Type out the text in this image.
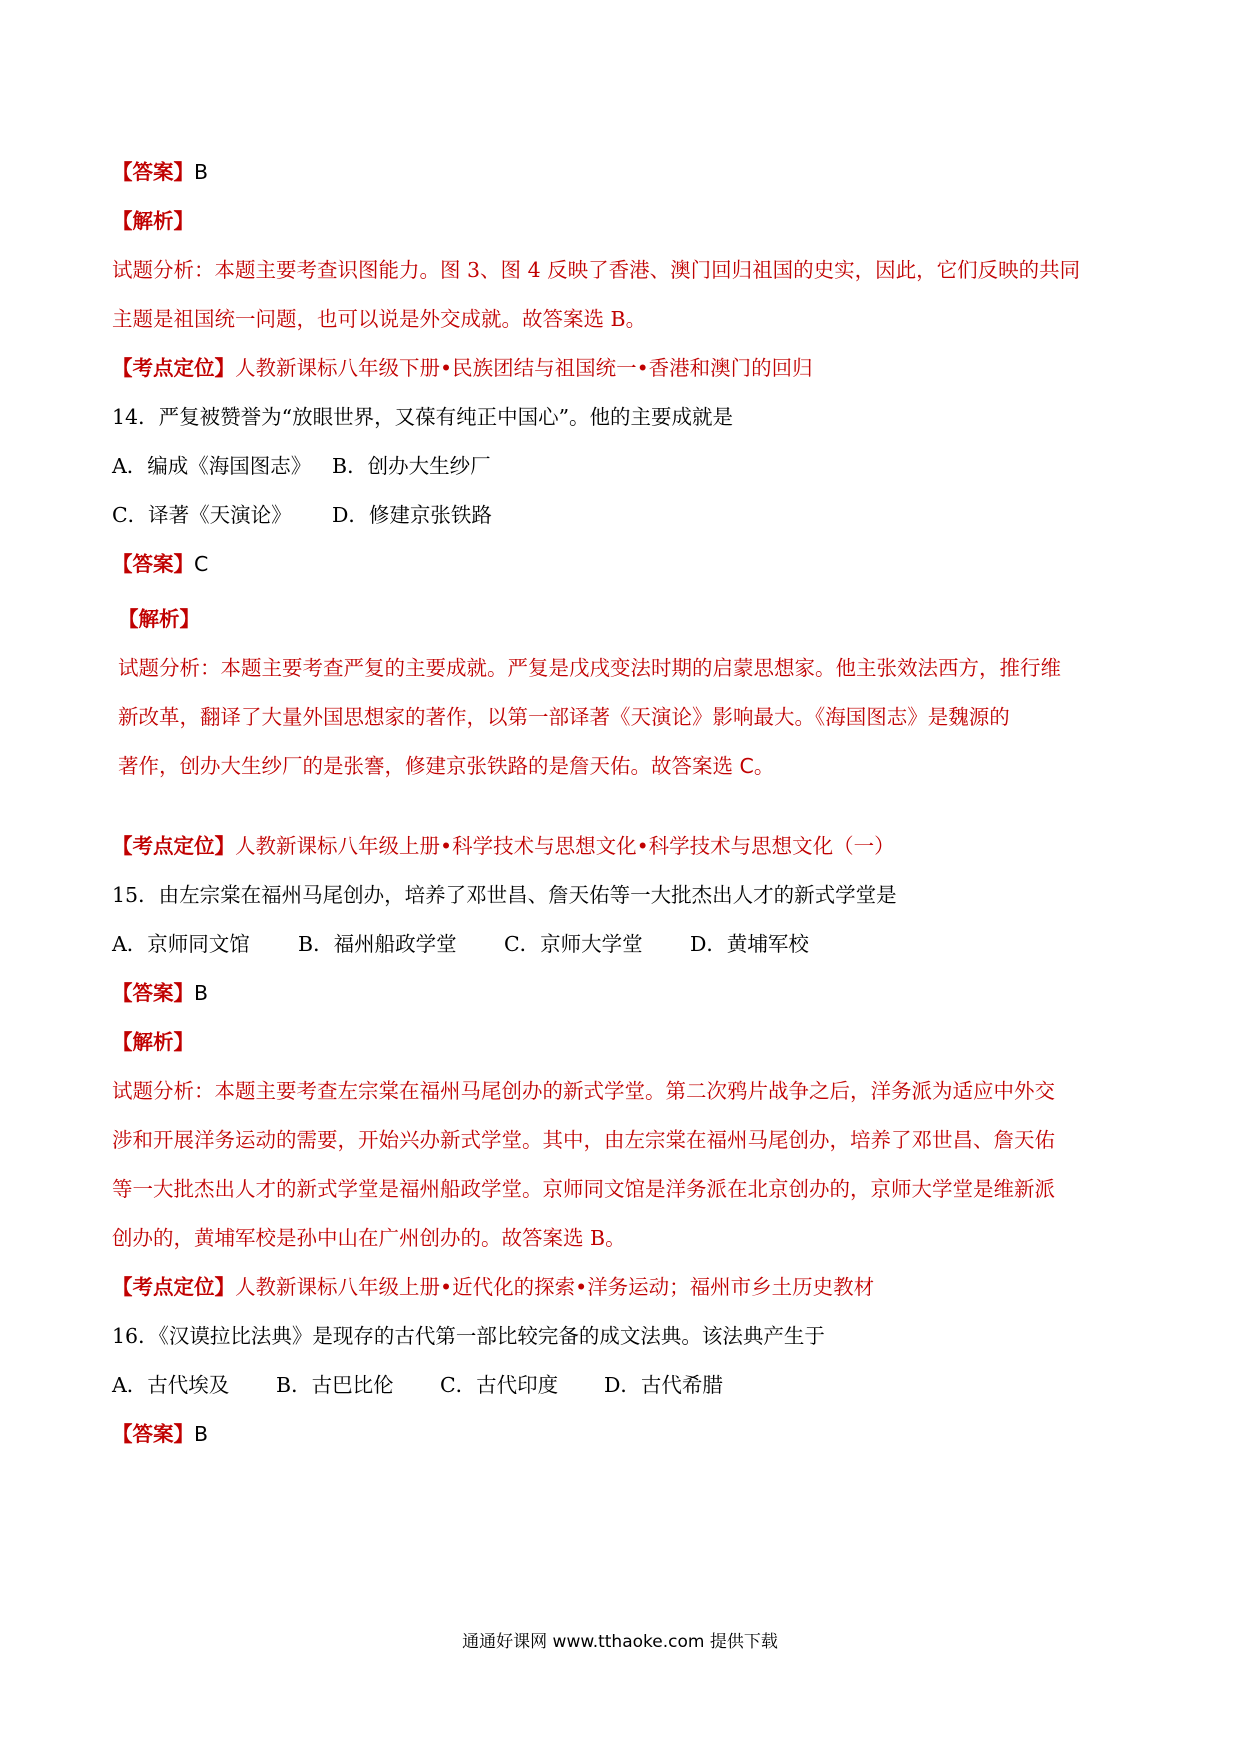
【答案】B
【解析】
试题分析：本题主要考查识图能力。图 3、图 4 反映了香港、澳门回归祖国的史实，因此，它们反映的共同
主题是祖国统一问题，也可以说是外交成就。故答案选 B。
【考点定位】人教新课标八年级下册•民族团结与祖国统一•香港和澳门的回归
14．严复被赞誉为“放眼世界，又葆有纯正中国心”。他的主要成就是
A．编成《海国图志》 B．创办大生纱厂
C．译著《天演论》 D．修建京张铁路
【答案】C
【解析】
试题分析：本题主要考查严复的主要成就。严复是戊戌变法时期的启蒙思想家。他主张效法西方，推行维
新改革，翻译了大量外国思想家的著作，以第一部译著《天演论》影响最大。《海国图志》是魏源的
著作，创办大生纱厂的是张謇，修建京张铁路的是詹天佑。故答案选 C。
【考点定位】人教新课标八年级上册•科学技术与思想文化•科学技术与思想文化（一）
15．由左宗棠在福州马尾创办，培养了邓世昌、詹天佑等一大批杰出人才的新式学堂是
A．京师同文馆 B．福州船政学堂 C．京师大学堂 D．黄埔军校
【答案】B
【解析】
试题分析：本题主要考查左宗棠在福州马尾创办的新式学堂。第二次鸦片战争之后，洋务派为适应中外交
涉和开展洋务运动的需要，开始兴办新式学堂。其中，由左宗棠在福州马尾创办，培养了邓世昌、詹天佑
等一大批杰出人才的新式学堂是福州船政学堂。京师同文馆是洋务派在北京创办的，京师大学堂是维新派
创办的，黄埔军校是孙中山在广州创办的。故答案选 B。
【考点定位】人教新课标八年级上册•近代化的探索•洋务运动；福州市乡土历史教材
16．《汉谟拉比法典》是现存的古代第一部比较完备的成文法典。该法典产生于
A．古代埃及 B．古巴比伦 C．古代印度 D．古代希腊
【答案】B
通通好课网 www.tthaoke.com 提供下载
